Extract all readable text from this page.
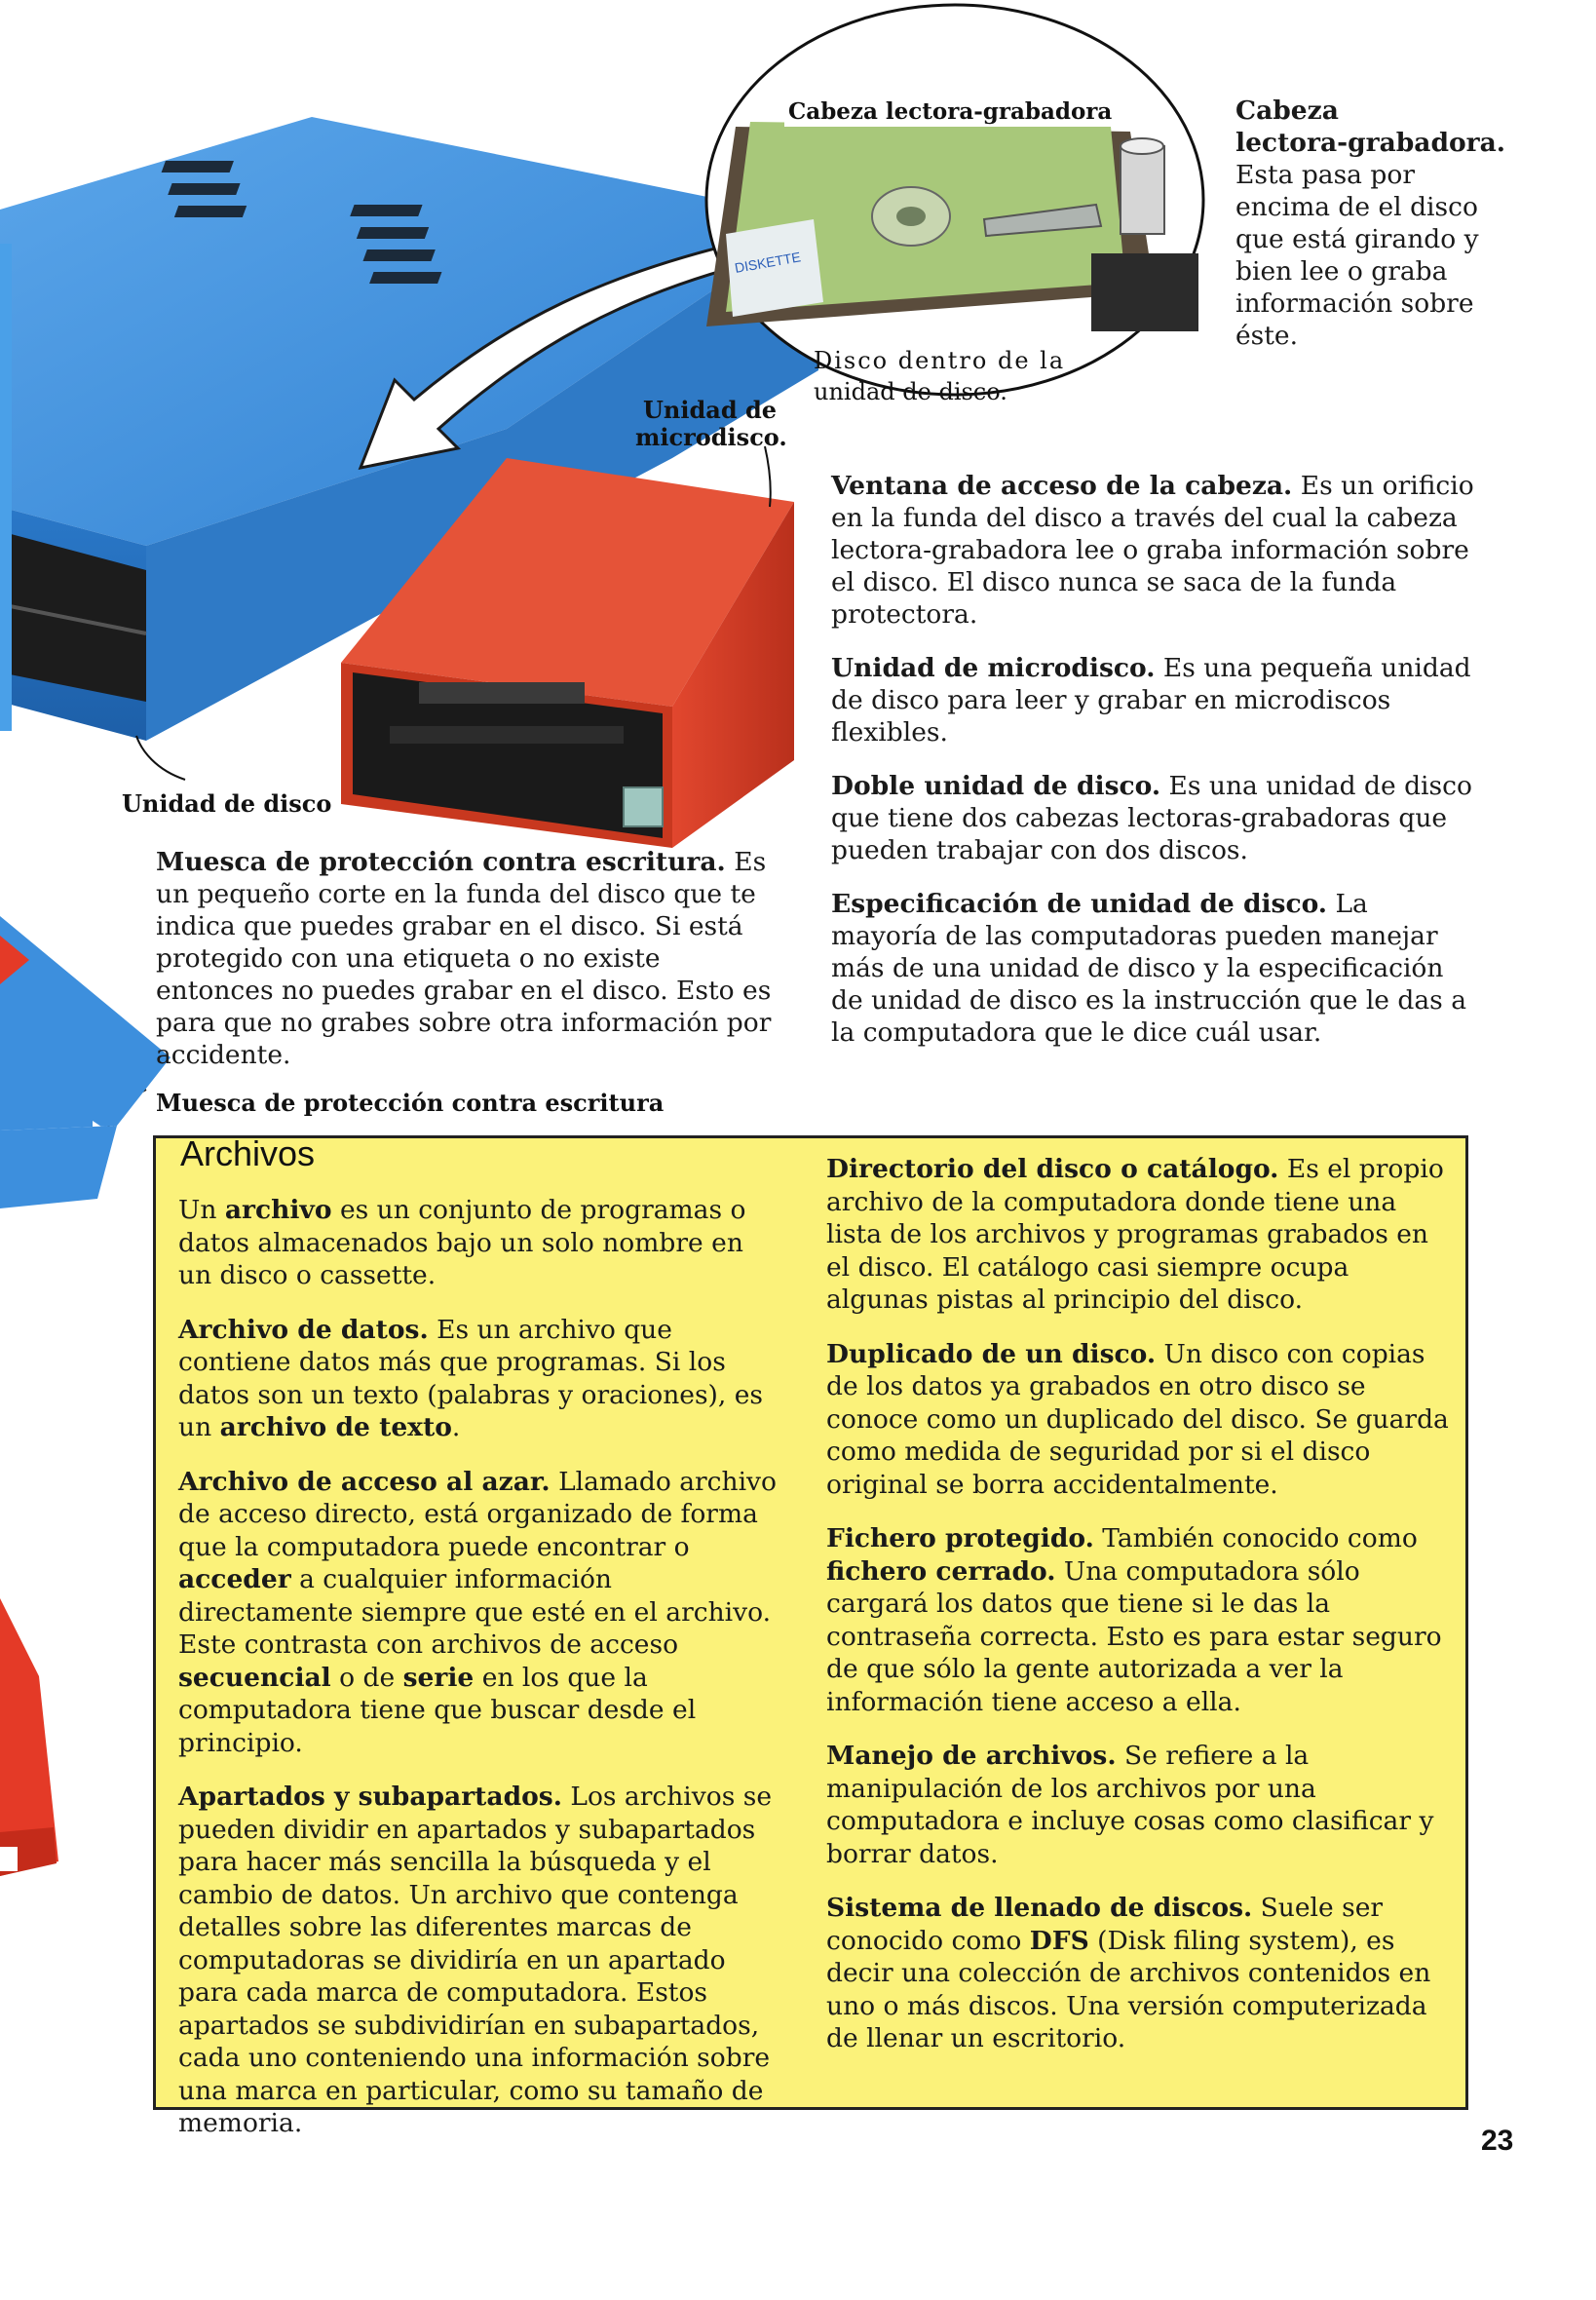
DISKETTE
Cabeza lectora-grabadora
Disco dentro de la
unidad de disco.
Unidad de
microdisco.
Unidad de disco
Muesca de protección contra escritura
Cabeza
lectora-grabadora.
Esta pasa por
encima de el disco
que está girando y
bien lee o graba
información sobre
éste.

Ventana de acceso de la cabeza. Es un orificio en la funda del disco a través del cual la cabeza lectora-grabadora lee o graba información sobre el disco. El disco nunca se saca de la funda protectora.

Unidad de microdisco. Es una pequeña unidad de disco para leer y grabar en microdiscos flexibles.

Doble unidad de disco. Es una unidad de disco que tiene dos cabezas lectoras-grabadoras que pueden trabajar con dos discos.

Especificación de unidad de disco. La mayoría de las computadoras pueden manejar más de una unidad de disco y la especificación de unidad de disco es la instrucción que le das a la computadora que le dice cuál usar.

Muesca de protección contra escritura. Es un pequeño corte en la funda del disco que te indica que puedes grabar en el disco. Si está protegido con una etiqueta o no existe entonces no puedes grabar en el disco. Esto es para que no grabes sobre otra información por accidente.

Archivos

Un archivo es un conjunto de programas o datos almacenados bajo un solo nombre en un disco o cassette.

Archivo de datos. Es un archivo que contiene datos más que programas. Si los datos son un texto (palabras y oraciones), es un archivo de texto.

Archivo de acceso al azar. Llamado archivo de acceso directo, está organizado de forma que la computadora puede encontrar o acceder a cualquier información directamente siempre que esté en el archivo. Este contrasta con archivos de acceso secuencial o de serie en los que la computadora tiene que buscar desde el principio.

Apartados y subapartados. Los archivos se pueden dividir en apartados y subapartados para hacer más sencilla la búsqueda y el cambio de datos. Un archivo que contenga detalles sobre las diferentes marcas de computadoras se dividiría en un apartado para cada marca de computadora. Estos apartados se subdividirían en subapartados, cada uno conteniendo una información sobre una marca en particular, como su tamaño de memoria.

Directorio del disco o catálogo. Es el propio archivo de la computadora donde tiene una lista de los archivos y programas grabados en el disco. El catálogo casi siempre ocupa algunas pistas al principio del disco.

Duplicado de un disco. Un disco con copias de los datos ya grabados en otro disco se conoce como un duplicado del disco. Se guarda como medida de seguridad por si el disco original se borra accidentalmente.

Fichero protegido. También conocido como fichero cerrado. Una computadora sólo cargará los datos que tiene si le das la contraseña correcta. Esto es para estar seguro de que sólo la gente autorizada a ver la información tiene acceso a ella.

Manejo de archivos. Se refiere a la manipulación de los archivos por una computadora e incluye cosas como clasificar y borrar datos.

Sistema de llenado de discos. Suele ser conocido como DFS (Disk filing system), es decir una colección de archivos contenidos en uno o más discos. Una versión computerizada de llenar un escritorio.

23
